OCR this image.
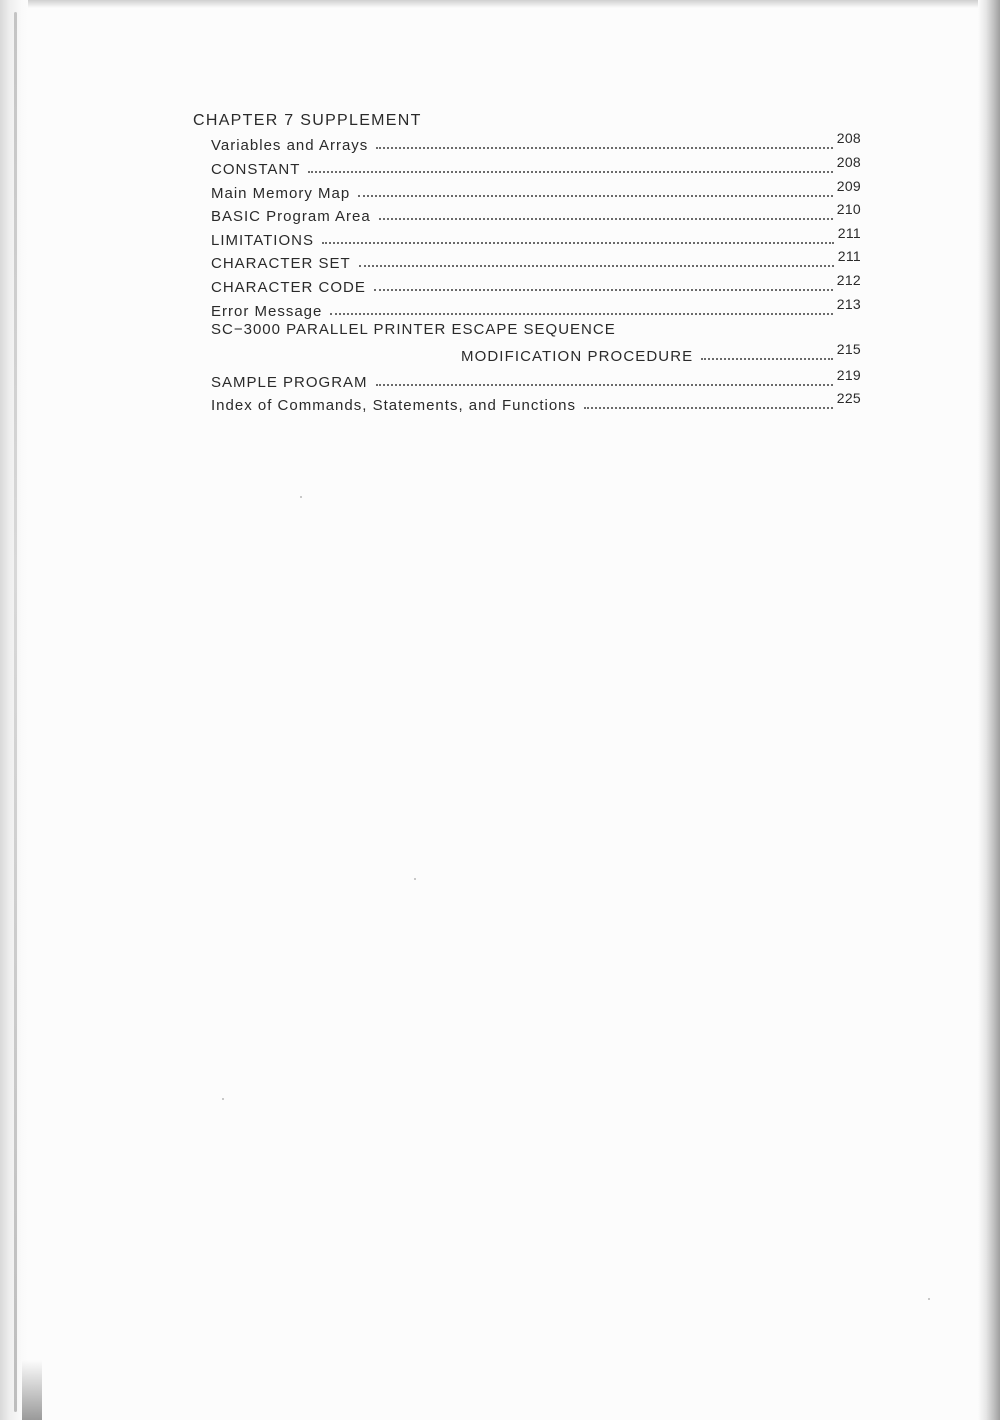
CHAPTER 7 SUPPLEMENT
Variables and Arrays	208
CONSTANT	208
Main Memory Map	209
BASIC Program Area	210
LIMITATIONS	211
CHARACTER SET	211
CHARACTER CODE	212
Error Message	213
SC−3000 PARALLEL PRINTER ESCAPE SEQUENCE
MODIFICATION PROCEDURE	215
SAMPLE PROGRAM	219
Index of Commands, Statements, and Functions	225
